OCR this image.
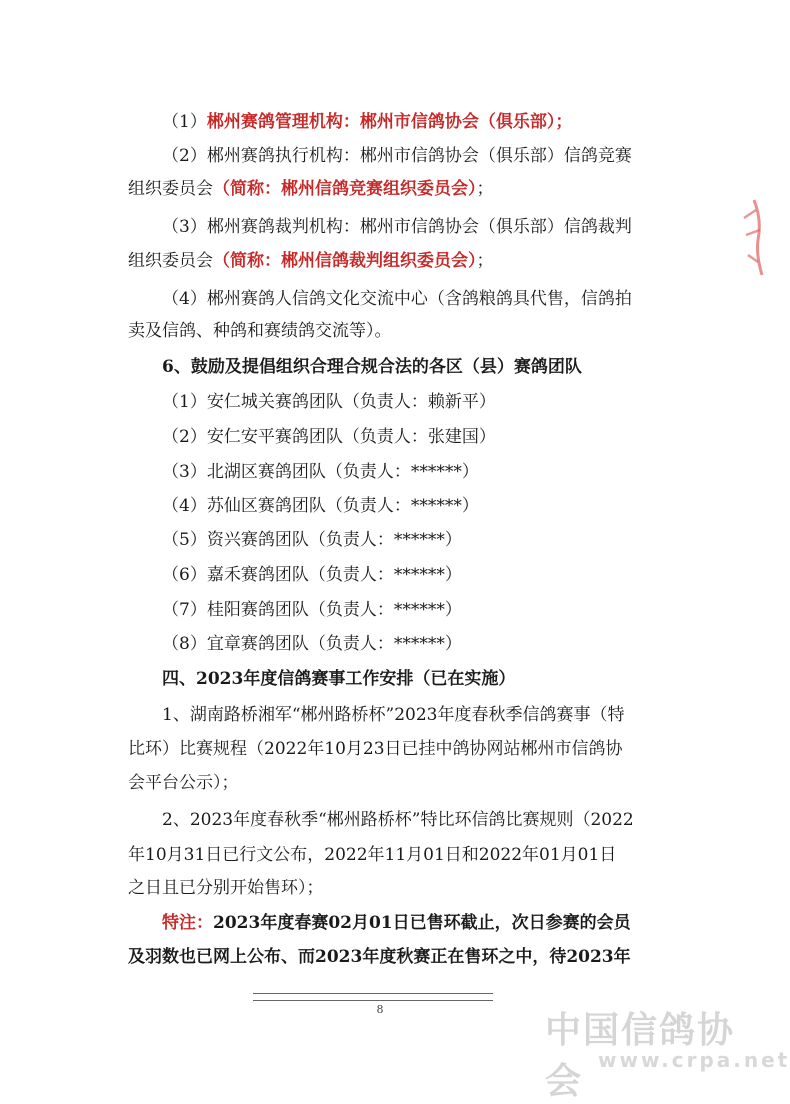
（1）郴州赛鸽管理机构：郴州市信鸽协会（俱乐部）；
（2）郴州赛鸽执行机构：郴州市信鸽协会（俱乐部）信鸽竞赛
组织委员会（简称：郴州信鸽竞赛组织委员会）；
（3）郴州赛鸽裁判机构：郴州市信鸽协会（俱乐部）信鸽裁判
组织委员会（简称：郴州信鸽裁判组织委员会）；
（4）郴州赛鸽人信鸽文化交流中心（含鸽粮鸽具代售，信鸽拍
卖及信鸽、种鸽和赛绩鸽交流等）。
6、鼓励及提倡组织合理合规合法的各区（县）赛鸽团队
（1）安仁城关赛鸽团队（负责人：赖新平）
（2）安仁安平赛鸽团队（负责人：张建国）
（3）北湖区赛鸽团队（负责人：******）
（4）苏仙区赛鸽团队（负责人：******）
（5）资兴赛鸽团队（负责人：******）
（6）嘉禾赛鸽团队（负责人：******）
（7）桂阳赛鸽团队（负责人：******）
（8）宜章赛鸽团队（负责人：******）
四、2023年度信鸽赛事工作安排（已在实施）
1、湖南路桥湘军“郴州路桥杯”2023年度春秋季信鸽赛事（特
比环）比赛规程（2022年10月23日已挂中鸽协网站郴州市信鸽协
会平台公示）；
2、2023年度春秋季“郴州路桥杯”特比环信鸽比赛规则（2022
年10月31日已行文公布，2022年11月01日和2022年01月01日
之日且已分别开始售环）；
特注：2023年度春赛02月01日已售环截止，次日参赛的会员
及羽数也已网上公布、而2023年度秋赛正在售环之中，待2023年
8
中国信鸽协会
www.crpa.net
